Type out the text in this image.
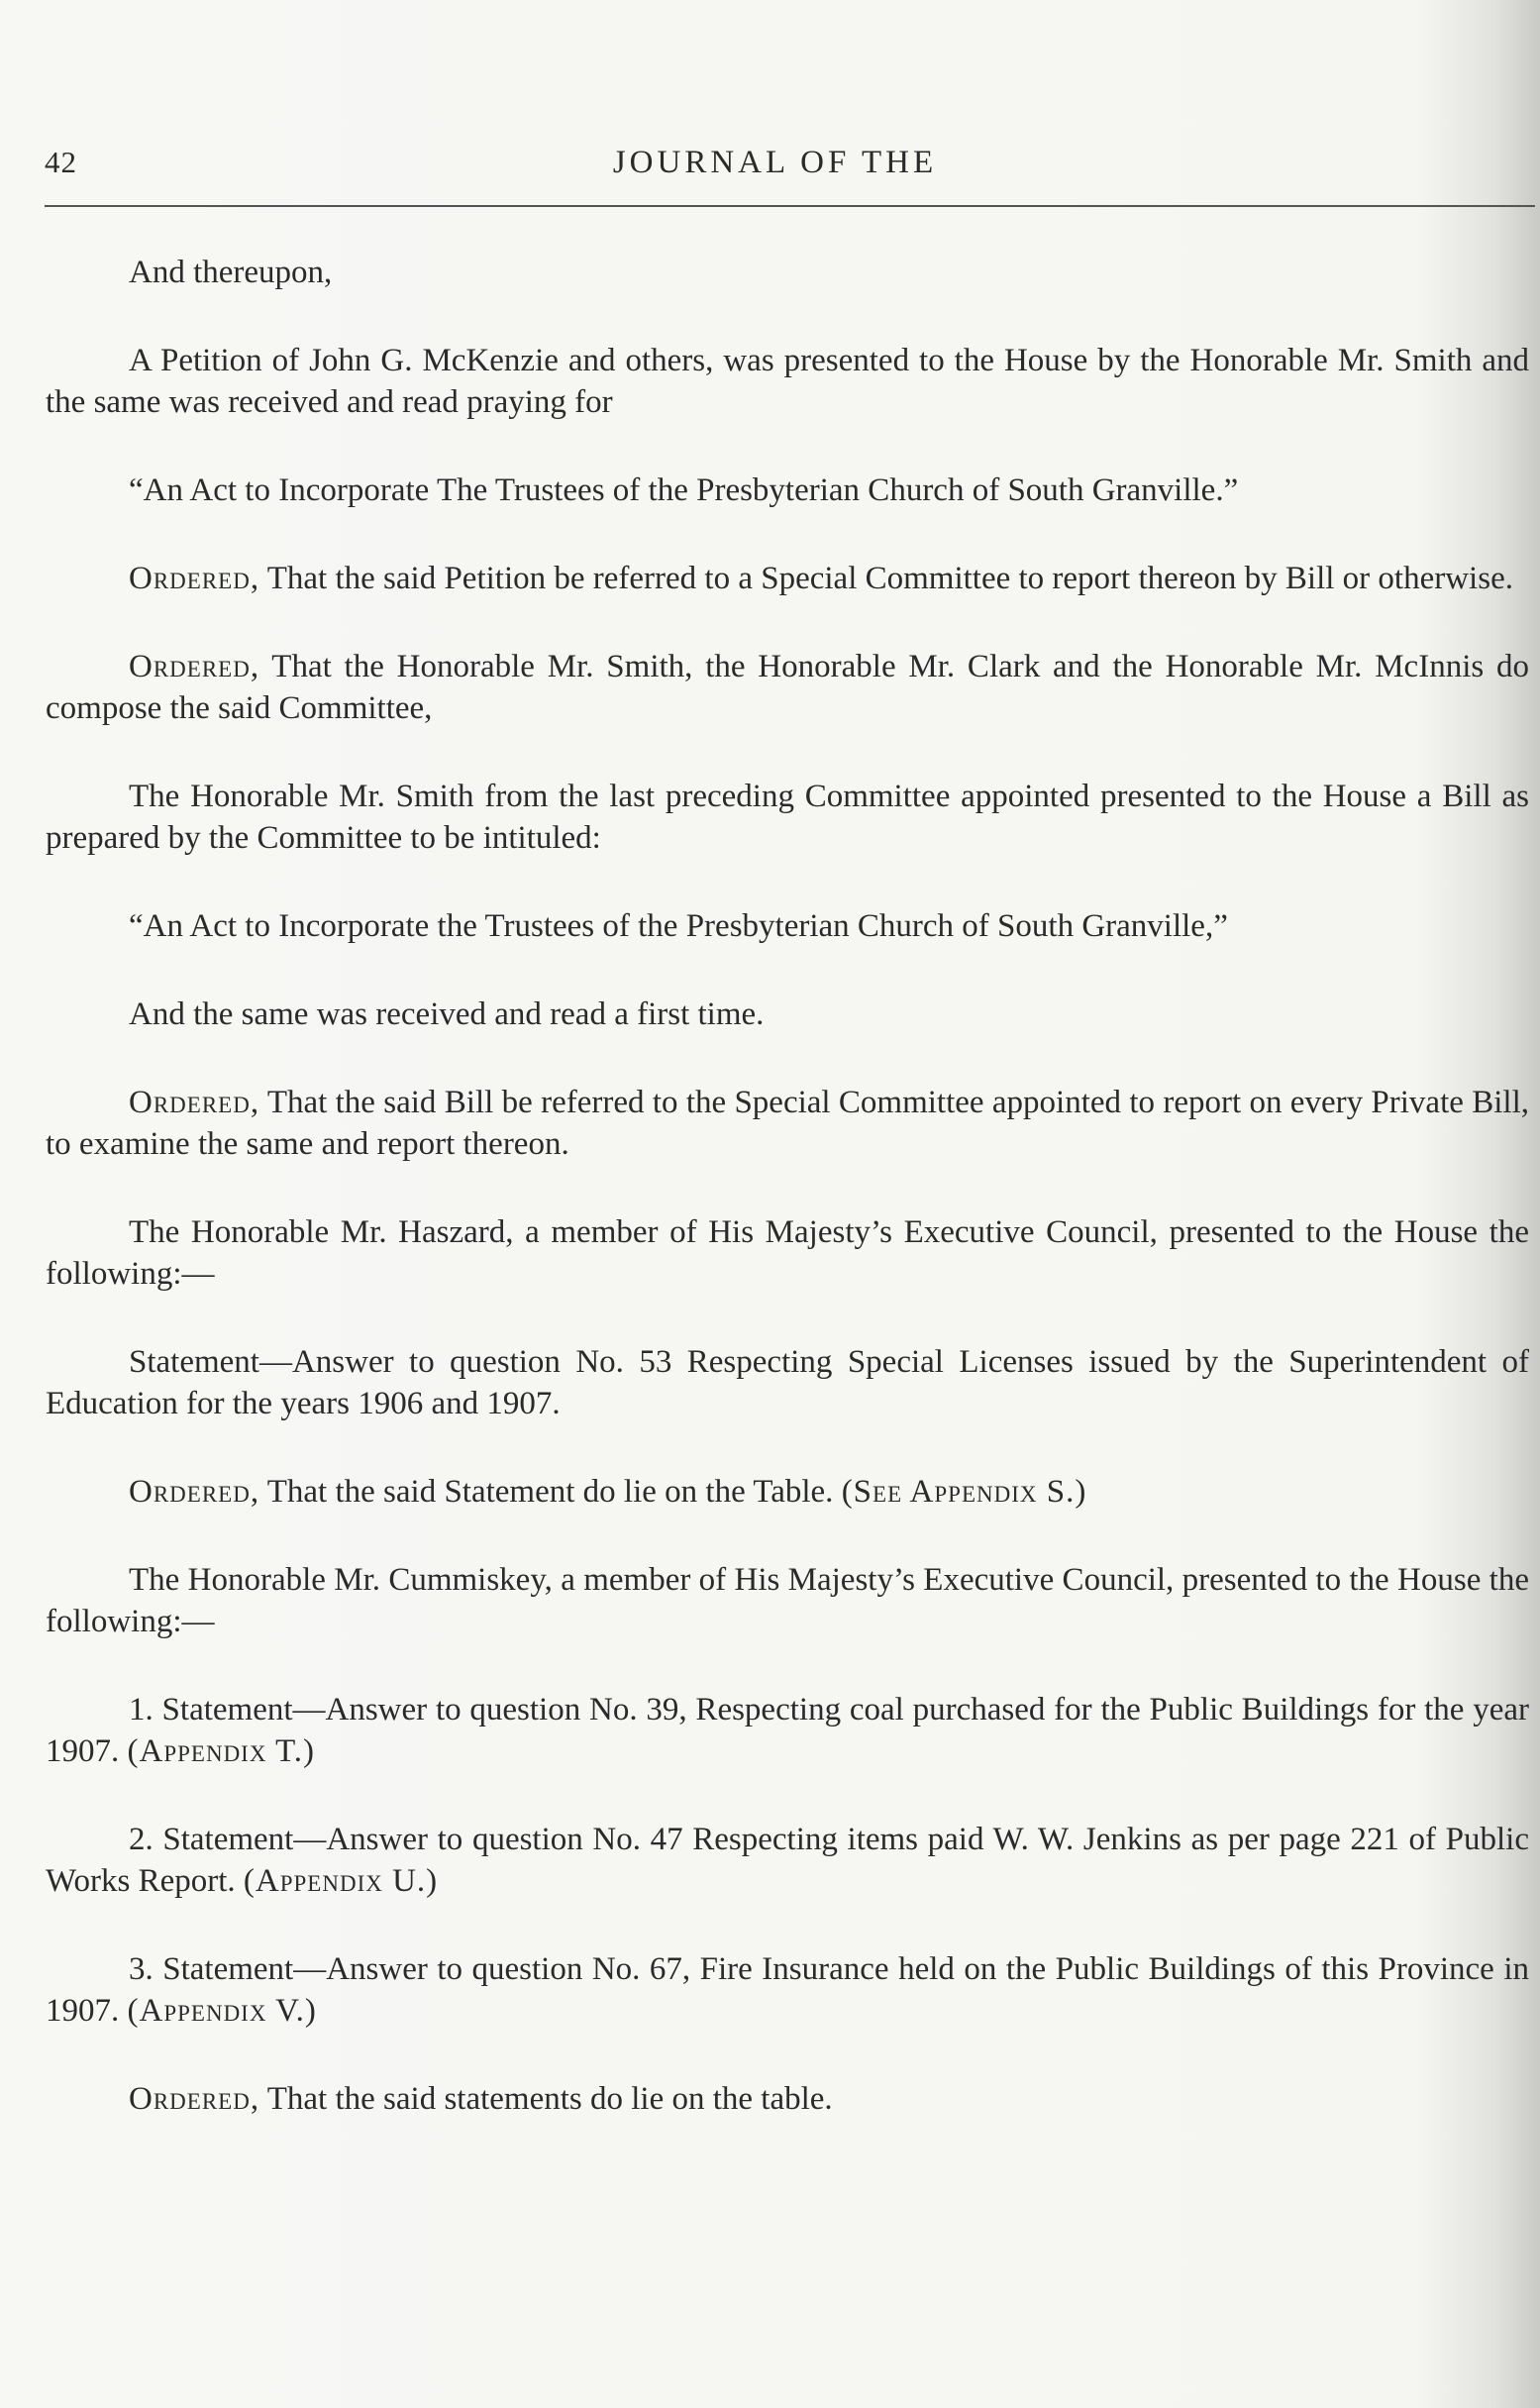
42	JOURNAL OF THE

And thereupon,

A Petition of John G. McKenzie and others, was presented to the House by the Honorable Mr. Smith and the same was received and read praying for

“An Act to Incorporate The Trustees of the Presbyterian Church of South Granville.”

Ordered, That the said Petition be referred to a Special Committee to report thereon by Bill or otherwise.

Ordered, That the Honorable Mr. Smith, the Honorable Mr. Clark and the Honorable Mr. McInnis do compose the said Committee,

The Honorable Mr. Smith from the last preceding Committee appointed presented to the House a Bill as prepared by the Committee to be intituled:

“An Act to Incorporate the Trustees of the Presbyterian Church of South Granville,”

And the same was received and read a first time.

Ordered, That the said Bill be referred to the Special Committee appointed to report on every Private Bill, to examine the same and report thereon.

The Honorable Mr. Haszard, a member of His Majesty’s Executive Council, presented to the House the following:—

Statement—Answer to question No. 53 Respecting Special Licenses issued by the Superintendent of Education for the years 1906 and 1907.

Ordered, That the said Statement do lie on the Table. (See Appendix S.)

The Honorable Mr. Cummiskey, a member of His Majesty’s Executive Council, presented to the House the following:—

1. Statement—Answer to question No. 39, Respecting coal purchased for the Public Buildings for the year 1907. (Appendix T.)

2. Statement—Answer to question No. 47 Respecting items paid W. W. Jenkins as per page 221 of Public Works Report. (Appendix U.)

3. Statement—Answer to question No. 67, Fire Insurance held on the Public Buildings of this Province in 1907. (Appendix V.)

Ordered, That the said statements do lie on the table.
